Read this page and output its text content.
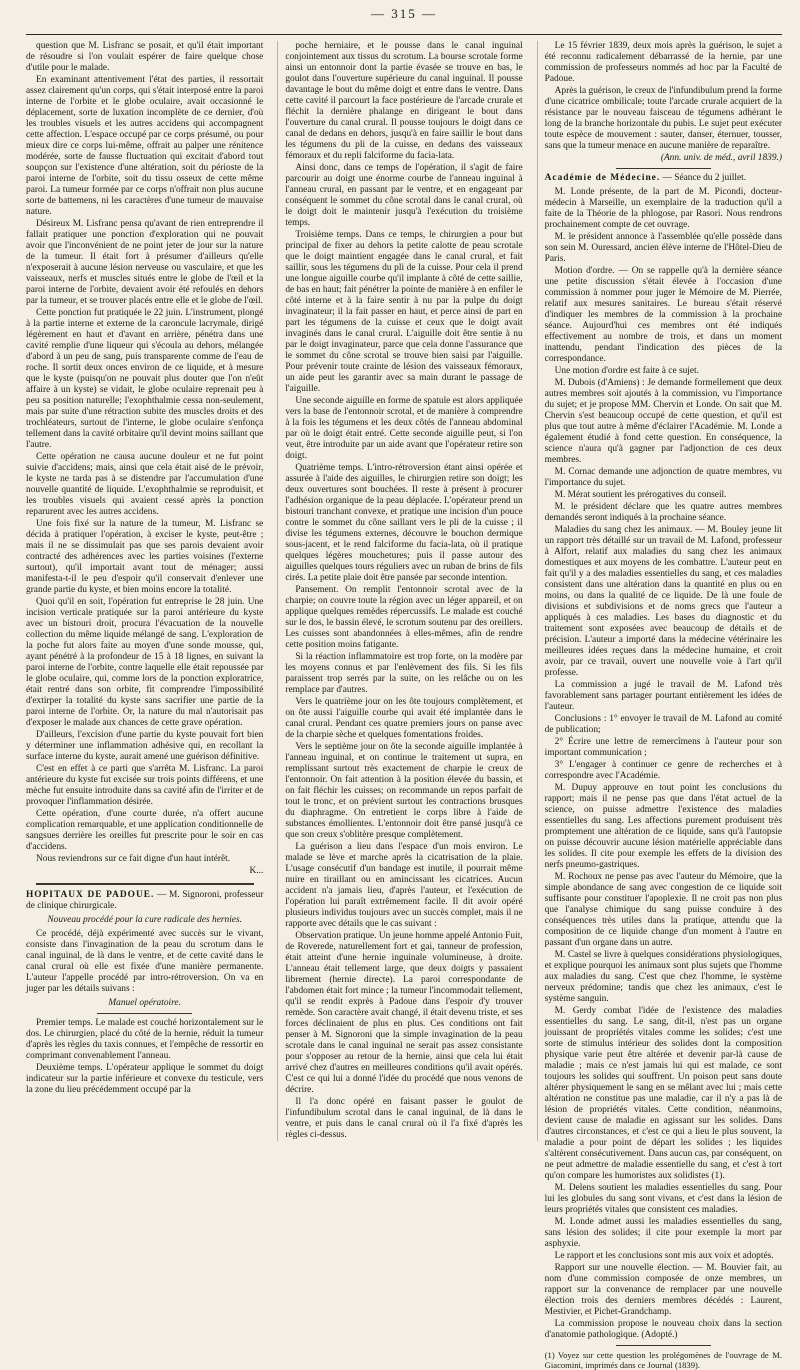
— 315 —

question que M. Lisfranc se posait, et qu'il était important de résoudre si l'on voulait espérer de faire quelque chose d'utile pour le malade.

En examinant attentivement l'état des parties, il ressortait assez clairement qu'un corps, qui s'était interposé entre la paroi interne de l'orbite et le globe oculaire, avait occasionné le déplacement, sorte de luxation incomplète de ce dernier, d'où les troubles visuels et les autres accidens qui accompagnent cette affection. L'espace occupé par ce corps présumé, ou pour mieux dire ce corps lui-même, offrait au palper une rénitence modérée, sorte de fausse fluctuation qui excitait d'abord tout soupçon sur l'existence d'une altération, soit du périoste de la paroi interne de l'orbite, soit du tissu osseux de cette même paroi. La tumeur formée par ce corps n'offrait non plus aucune sorte de battemens, ni les caractères d'une tumeur de mauvaise nature.

Désireux M. Lisfranc pensa qu'avant de rien entreprendre il fallait pratiquer une ponction d'exploration qui ne pouvait avoir que l'inconvénient de ne point jeter de jour sur la nature de la tumeur. Il était fort à présumer d'ailleurs qu'elle n'exposerait à aucune lésion nerveuse ou vasculaire, et que les vaisseaux, nerfs et muscles situés entre le globe de l'œil et la paroi interne de l'orbite, devaient avoir été refoulés en dehors par la tumeur, et se trouver placés entre elle et le globe de l'œil.

Cette ponction fut pratiquée le 22 juin. L'instrument, plongé à la partie interne et externe de la caroncule lacrymale, dirigé légèrement en haut et d'avant en arrière, pénétra dans une cavité remplie d'une liqueur qui s'écoula au dehors, mélangée d'abord à un peu de sang, puis transparente comme de l'eau de roche. Il sortit deux onces environ de ce liquide, et à mesure que le kyste (puisqu'on ne pouvait plus douter que l'on n'eût affaire à un kyste) se vidait, le globe oculaire reprenait peu à peu sa position naturelle; l'exophthalmie cessa non-seulement, mais par suite d'une rétraction subite des muscles droits et des trochléateurs, surtout de l'interne, le globe oculaire s'enfonça tellement dans la cavité orbitaire qu'il devint moins saillant que l'autre.

Cette opération ne causa aucune douleur et ne fut point suivie d'accidens; mais, ainsi que cela était aisé de le prévoir, le kyste ne tarda pas à se distendre par l'accumulation d'une nouvelle quantité de liquide. L'exophthalmie se reproduisit, et les troubles visuels qui avaient cessé après la ponction reparurent avec les autres accidens.

Une fois fixé sur la nature de la tumeur, M. Lisfranc se décida à pratiquer l'opération, à exciser le kyste, peut-être ; mais il ne se dissimulait pas que ses parois devaient avoir contracté des adhérences avec les parties voisines (l'externe surtout), qu'il importait avant tout de ménager; aussi manifesta-t-il le peu d'espoir qu'il conservait d'enlever une grande partie du kyste, et bien moins encore la totalité.

Quoi qu'il en soit, l'opération fut entreprise le 28 juin. Une incision verticale pratiquée sur la paroi antérieure du kyste avec un bistouri droit, procura l'évacuation de la nouvelle collection du même liquide mélangé de sang. L'exploration de la poche fut alors faite au moyen d'une sonde mousse, qui, ayant pénétré à la profondeur de 15 à 18 lignes, en suivant la paroi interne de l'orbite, contre laquelle elle était repoussée par le globe oculaire, qui, comme lors de la ponction exploratrice, était rentré dans son orbite, fit comprendre l'impossibilité d'extirper la totalité du kyste sans sacrifier une partie de la paroi interne de l'orbite. Or, la nature du mal n'autorisait pas d'exposer le malade aux chances de cette grave opération.

D'ailleurs, l'excision d'une partie du kyste pouvait fort bien y déterminer une inflammation adhésive qui, en recollant la surface interne du kyste, aurait amené une guérison définitive.

C'est en effet à ce parti que s'arrêta M. Lisfranc. La paroi antérieure du kyste fut excisée sur trois points différens, et une mèche fut ensuite introduite dans sa cavité afin de l'irriter et de provoquer l'inflammation désirée.

Cette opération, d'une courte durée, n'a offert aucune complication remarquable, et une application conditionnelle de sangsues derrière les oreilles fut prescrite pour le soir en cas d'accidens.

Nous reviendrons sur ce fait digne d'un haut intérêt.

K...

HOPITAUX DE PADOUE. — M. Signoroni, professeur de clinique chirurgicale.

Nouveau procédé pour la cure radicale des hernies.

Ce procédé, déjà expérimenté avec succès sur le vivant, consiste dans l'invagination de la peau du scrotum dans le canal inguinal, de là dans le ventre, et de cette cavité dans le canal crural où elle est fixée d'une manière permanente. L'auteur l'appelle procédé par intro-rétroversion. On va en juger par les détails suivans :

Manuel opératoire.

Premier temps. Le malade est couché horizontalement sur le dos. Le chirurgien, placé du côté de la hernie, réduit la tumeur d'après les règles du taxis connues, et l'empêche de ressortir en comprimant convenablement l'anneau.

Deuxième temps. L'opérateur applique le sommet du doigt indicateur sur la partie inférieure et convexe du testicule, vers la zone du lieu précédemment occupé par la

poche herniaire, et le pousse dans le canal inguinal conjointement aux tissus du scrotum. La bourse scrotale forme ainsi un entonnoir dont la partie évasée se trouve en bas, le goulot dans l'ouverture supérieure du canal inguinal. Il pousse davantage le bout du même doigt et entre dans le ventre. Dans cette cavité il parcourt la face postérieure de l'arcade crurale et fléchit la dernière phalange en dirigeant le bout dans l'ouverture du canal crural. Il pousse toujours le doigt dans ce canal de dedans en dehors, jusqu'à en faire saillir le bout dans les tégumens du pli de la cuisse, en dedans des vaisseaux fémoraux et du repli falciforme du facia-lata.

Ainsi donc, dans ce temps de l'opération, il s'agit de faire parcourir au doigt une énorme courbe de l'anneau inguinal à l'anneau crural, en passant par le ventre, et en engageant par conséquent le sommet du cône scrotal dans le canal crural, où le doigt doit le maintenir jusqu'à l'exécution du troisième temps.

Troisième temps. Dans ce temps, le chirurgien a pour but principal de fixer au dehors la petite calotte de peau scrotale que le doigt maintient engagée dans le canal crural, et fait saillir, sous les tégumens du pli de la cuisse. Pour cela il prend une longue aiguille courbe qu'il implante à côté de cette saillie, de bas en haut; fait pénétrer la pointe de manière à en enfiler le côté interne et à la faire sentir à nu par la pulpe du doigt invaginateur; il la fait passer en haut, et perce ainsi de part en part les tégumens de la cuisse et ceux que le doigt avait invaginés dans le canal crural. L'aiguille doit être sentie à nu par le doigt invaginateur, parce que cela donne l'assurance que le sommet du cône scrotal se trouve bien saisi par l'aiguille. Pour prévenir toute crainte de lésion des vaisseaux fémoraux, un aide peut les garantir avec sa main durant le passage de l'aiguille.

Une seconde aiguille en forme de spatule est alors appliquée vers la base de l'entonnoir scrotal, et de manière à comprendre à la fois les tégumens et les deux côtés de l'anneau abdominal par où le doigt était entré. Cette seconde aiguille peut, si l'on veut, être introduite par un aide avant que l'opérateur retire son doigt.

Quatrième temps. L'intro-rétroversion étant ainsi opérée et assurée à l'aide des aiguilles, le chirurgien retire son doigt; les deux ouvertures sont bouchées. Il reste à présent à procurer l'adhésion organique de la peau déplacée. L'opérateur prend un bistouri tranchant convexe, et pratique une incision d'un pouce contre le sommet du cône saillant vers le pli de la cuisse ; il divise les tégumens externes, découvre le bouchon dermique sous-jacent, et le rend falciforme du facia-lata, où il pratique quelques légères mouchetures; puis il passe autour des aiguilles quelques tours réguliers avec un ruban de brins de fils cirés. La petite plaie doit être pansée par seconde intention.

Pansement. On remplit l'entonnoir scrotal avec de la charpie; on couvre toute la région avec un léger appareil, et on applique quelques remèdes répercussifs. Le malade est couché sur le dos, le bassin élevé, le scrotum soutenu par des oreillers. Les cuisses sont abandonnées à elles-mêmes, afin de rendre cette position moins fatigante.

Si la réaction inflammatoire est trop forte, on la modère par les moyens connus et par l'enlèvement des fils. Si les fils paraissent trop serrés par la suite, on les relâche ou on les remplace par d'autres.

Vers le quatrième jour on les ôte toujours complètement, et on ôte aussi l'aiguille courbe qui avait été implantée dans le canal crural. Pendant ces quatre premiers jours on panse avec de la charpie sèche et quelques fomentations froides.

Vers le septième jour on ôte la seconde aiguille implantée à l'anneau inguinal, et on continue le traitement ut supra, en remplissant surtout très exactement de charpie le creux de l'entonnoir. On fait attention à la position élevée du bassin, et on fait fléchir les cuisses; on recommande un repos parfait de tout le tronc, et on prévient surtout les contractions brusques du diaphragme. On entretient le corps libre à l'aide de substances émollientes. L'entonnoir doit être pansé jusqu'à ce que son creux s'oblitère presque complètement.

La guérison a lieu dans l'espace d'un mois environ. Le malade se lève et marche après la cicatrisation de la plaie. L'usage consécutif d'un bandage est inutile, il pourrait même nuire en tiraillant ou en amincissant les cicatrices. Aucun accident n'a jamais lieu, d'après l'auteur, et l'exécution de l'opération lui paraît extrêmement facile. Il dit avoir opéré plusieurs individus toujours avec un succès complet, mais il ne rapporte avec détails que le cas suivant :

Observation pratique. Un jeune homme appelé Antonio Fuit, de Roverede, naturellement fort et gai, tanneur de profession, était atteint d'une hernie inguinale volumineuse, à droite. L'anneau était tellement large, que deux doigts y passaient librement (hernie directe). La paroi correspondante de l'abdomen était fort mince ; la tumeur l'incommodait tellement, qu'il se rendit exprès à Padoue dans l'espoir d'y trouver remède. Son caractère avait changé, il était devenu triste, et ses forces déclinaient de plus en plus. Ces conditions ont fait penser à M. Signoroni que la simple invagination de la peau scrotale dans le canal inguinal ne serait pas assez consistante pour s'opposer au retour de la hernie, ainsi que cela lui était arrivé chez d'autres en meilleures conditions qu'il avait opérés. C'est ce qui lui a donné l'idée du procédé que nous venons de décrire.

Il l'a donc opéré en faisant passer le goulot de l'infundibulum scrotal dans le canal inguinal, de là dans le ventre, et puis dans le canal crural où il l'a fixé d'après les règles ci-dessus.

Le 15 février 1839, deux mois après la guérison, le sujet a été reconnu radicalement débarrassé de la hernie, par une commission de professeurs nommés ad hoc par la Faculté de Padoue.

Après la guérison, le creux de l'infundibulum prend la forme d'une cicatrice ombilicale; toute l'arcade crurale acquiert de la résistance par le nouveau faisceau de tégumens adhérant le long de la branche horizontale du pubis. Le sujet peut exécuter toute espèce de mouvement : sauter, danser, éternuer, tousser, sans que la tumeur menace en aucune manière de reparaître.

(Ann. univ. de méd., avril 1839.)

Académie de Médecine. — Séance du 2 juillet.

M. Londe présente, de la part de M. Picondi, docteur-médecin à Marseille, un exemplaire de la traduction qu'il a faite de la Théorie de la phlogose, par Rasori. Nous rendrons prochainement compte de cet ouvrage.

M. le président annonce à l'assemblée qu'elle possède dans son sein M. Ouressard, ancien élève interne de l'Hôtel-Dieu de Paris.

Motion d'ordre. — On se rappelle qu'à la dernière séance une petite discussion s'était élevée à l'occasion d'une commission à nommer pour juger le Mémoire de M. Pierrée, relatif aux mesures sanitaires. Le bureau s'était réservé d'indiquer les membres de la commission à la prochaine séance. Aujourd'hui ces membres ont été indiqués effectivement au nombre de trois, et dans un moment inattendu, pendant l'indication des pièces de la correspondance.

Une motion d'ordre est faite à ce sujet.

M. Dubois (d'Amiens) : Je demande formellement que deux autres membres soit ajoutés à la commission, vu l'importance du sujet; et je propose MM. Chervin et Londe. On sait que M. Chervin s'est beaucoup occupé de cette question, et qu'il est plus que tout autre à même d'éclairer l'Académie. M. Londe a également étudié à fond cette question. En conséquence, la science n'aura qu'à gagner par l'adjonction de ces deux membres.

M. Cornac demande une adjonction de quatre membres, vu l'importance du sujet.

M. Mérat soutient les prérogatives du conseil.

M. le président déclare que les quatre autres membres demandés seront indiqués à la prochaine séance.

Maladies du sang chez les animaux. — M. Bouley jeune lit un rapport très détaillé sur un travail de M. Lafond, professeur à Alfort, relatif aux maladies du sang chez les animaux domestiques et aux moyens de les combattre. L'auteur peut en fait qu'il y a des maladies essentielles du sang, et ces maladies consistent dans une altération dans la quantité en plus ou en moins, ou dans la qualité de ce liquide. De là une foule de divisions et subdivisions et de noms grecs que l'auteur a appliqués à ces maladies. Les bases du diagnostic et du traitement sont exposées avec beaucoup de détails et de précision. L'auteur a importé dans la médecine vétérinaire les meilleures idées reçues dans la médecine humaine, et croit avoir, par ce travail, ouvert une nouvelle voie à l'art qu'il professe.

La commission a jugé le travail de M. Lafond très favorablement sans partager pourtant entièrement les idées de l'auteur.

Conclusions : 1° envoyer le travail de M. Lafond au comité de publication;

2° Écrire une lettre de remercîmens à l'auteur pour son important communication ;

3° L'engager à continuer ce genre de recherches et à correspondre avec l'Académie.

M. Dupuy approuve en tout point les conclusions du rapport; mais il ne pense pas que dans l'état actuel de la science, on puisse admettre l'existence des maladies essentielles du sang. Les affections purement produisent très promptement une altération de ce liquide, sans qu'à l'autopsie on puisse découvrir aucune lésion matérielle appréciable dans les solides. Il cite pour exemple les effets de la division des nerfs pneumo-gastriques.

M. Rochoux ne pense pas avec l'auteur du Mémoire, que la simple abondance de sang avec congestion de ce liquide soit suffisante pour constituer l'apoplexie. Il ne croit pas non plus que l'analyse chimique du sang puisse conduire à des conséquences très utiles dans la pratique, attendu que la composition de ce liquide change d'un moment à l'autre en passant d'un organe dans un autre.

M. Castel se livre à quelques considérations physiologiques, et explique pourquoi les animaux sont plus sujets que l'homme aux maladies du sang. C'est que chez l'homme, le système nerveux prédomine; tandis que chez les animaux, c'est le système sanguin.

M. Gerdy combat l'idée de l'existence des maladies essentielles du sang. Le sang, dit-il, n'est pas un organe jouissant de propriétés vitales comme les solides; c'est une sorte de stimulus intérieur des solides dont la composition physique varie peut être altérée et devenir par-là cause de maladie ; mais ce n'est jamais lui qui est malade, ce sont toujours les solides qui souffrent. Un poison peut sans doute altérer physiquement le sang en se mêlant avec lui ; mais cette altération ne constitue pas une maladie, car il n'y a pas là de lésion de propriétés vitales. Cette condition, néanmoins, devient cause de maladie en agissant sur les solides. Dans d'autres circonstances, et c'est ce qui a lieu le plus souvent, la maladie a pour point de départ les solides ; les liquides s'altèrent consécutivement. Dans aucun cas, par conséquent, on ne peut admettre de maladie essentielle du sang, et c'est à tort qu'on compare les humoristes aux solidistes (1).

M. Delens soutient les maladies essentielles du sang. Pour lui les globules du sang sont vivans, et c'est dans la lésion de leurs propriétés vitales que consistent ces maladies.

M. Londe admet aussi les maladies essentielles du sang, sans lésion des solides; il cite pour exemple la mort par asphyxie.

Le rapport et les conclusions sont mis aux voix et adoptés.

Rapport sur une nouvelle élection. — M. Bouvier fait, au nom d'une commission composée de onze membres, un rapport sur la convenance de remplacer par une nouvelle élection trois des derniers membres décédés : Laurent, Mestivier, et Pichet-Grandchamp.

La commission propose le nouveau choix dans la section d'anatomie pathologique. (Adopté.)

(1) Voyez sur cette question les prolégomènes de l'ouvrage de M. Giacomini, imprimés dans ce Journal (1839).
